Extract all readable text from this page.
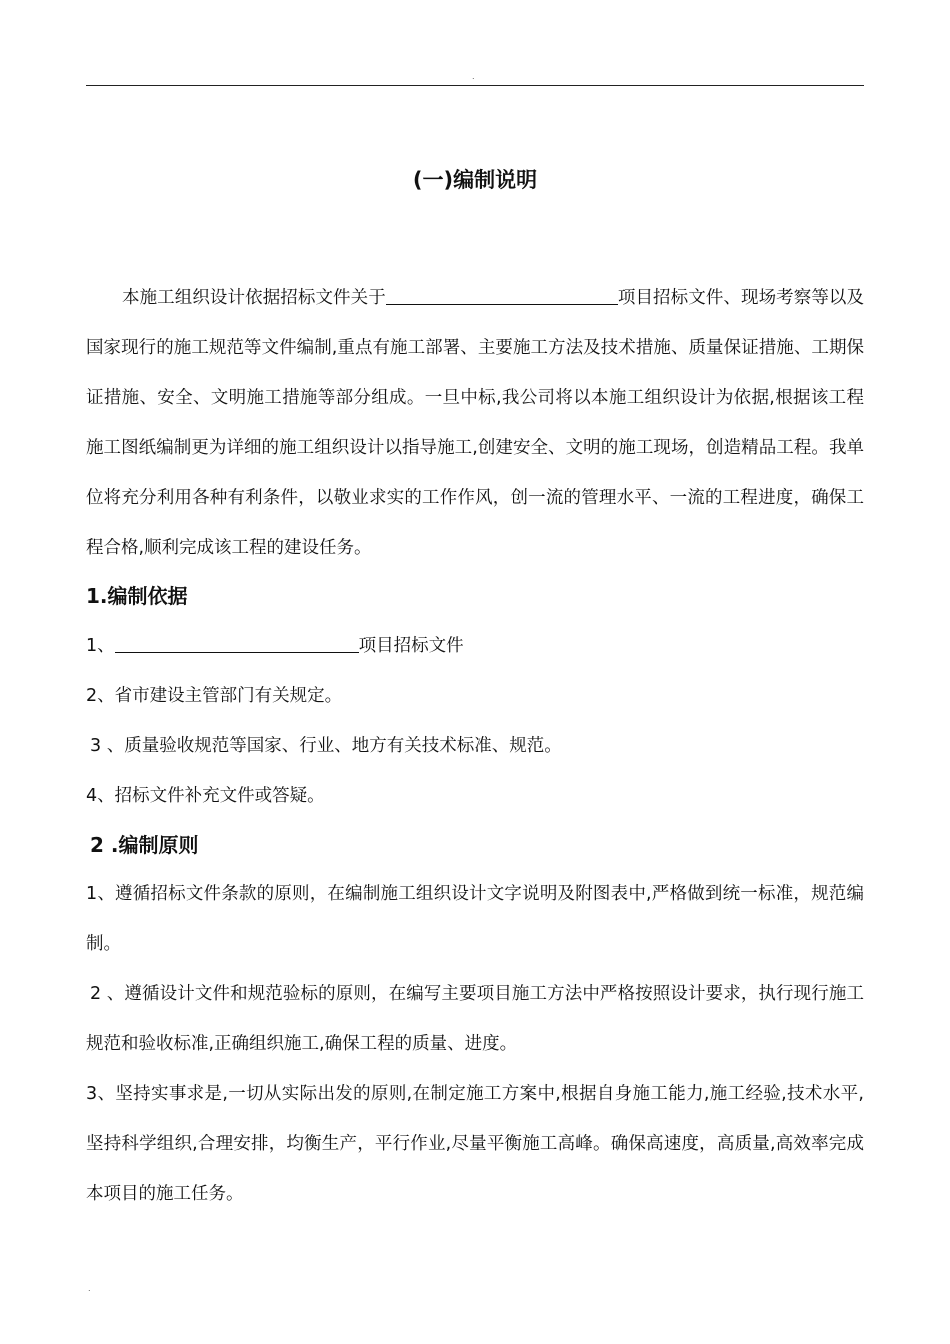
.
(一)编制说明
本施工组织设计依据招标文件关于	项目招标文件、现场考察等以及国家现行的施工规范等文件编制,重点有施工部署、主要施工方法及技术措施、质量保证措施、工期保证措施、安全、文明施工措施等部分组成。一旦中标,我公司将以本施工组织设计为依据,根据该工程施工图纸编制更为详细的施工组织设计以指导施工,创建安全、文明的施工现场，创造精品工程。我单位将充分利用各种有利条件，以敬业求实的工作作风，创一流的管理水平、一流的工程进度，确保工程合格,顺利完成该工程的建设任务。
1.编制依据
1、	项目招标文件
2、省市建设主管部门有关规定。
3 、质量验收规范等国家、行业、地方有关技术标准、规范。
4、招标文件补充文件或答疑。
2 .编制原则
1、遵循招标文件条款的原则，在编制施工组织设计文字说明及附图表中,严格做到统一标准，规范编制。
2 、遵循设计文件和规范验标的原则，在编写主要项目施工方法中严格按照设计要求，执行现行施工规范和验收标准,正确组织施工,确保工程的质量、进度。
3、坚持实事求是,一切从实际出发的原则,在制定施工方案中,根据自身施工能力,施工经验,技术水平,坚持科学组织,合理安排，均衡生产，平行作业,尽量平衡施工高峰。确保高速度，高质量,高效率完成本项目的施工任务。
.
